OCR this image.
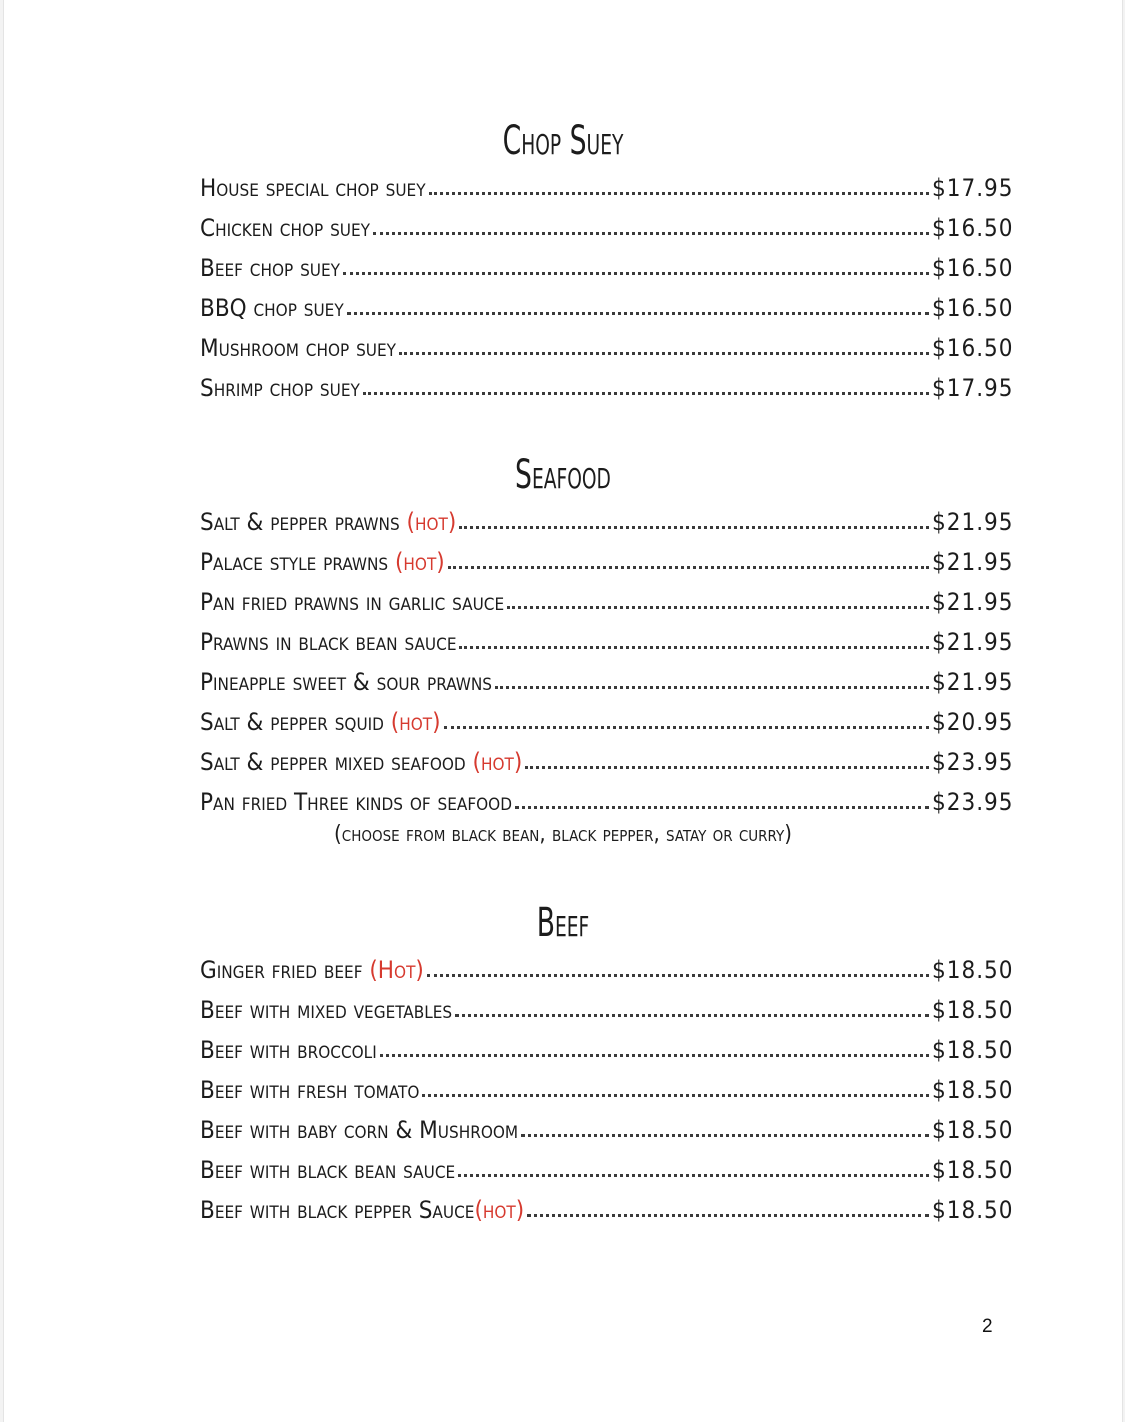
Chop Suey
House special chop suey	$17.95
Chicken chop suey	$16.50
Beef chop suey	$16.50
BBQ chop suey	$16.50
Mushroom chop suey	$16.50
Shrimp chop suey	$17.95
Seafood
Salt & pepper prawns (hot)	$21.95
Palace style prawns (hot)	$21.95
Pan fried prawns in garlic sauce	$21.95
Prawns in black bean sauce	$21.95
Pineapple sweet & sour prawns	$21.95
Salt & pepper squid (hot)	$20.95
Salt & pepper mixed seafood (hot)	$23.95
Pan fried Three kinds of seafood	$23.95
(choose from black bean, black pepper, satay or curry)
Beef
Ginger fried beef (Hot)	$18.50
Beef with mixed vegetables	$18.50
Beef with broccoli	$18.50
Beef with fresh tomato	$18.50
Beef with baby corn & Mushroom	$18.50
Beef with black bean sauce	$18.50
Beef with black pepper Sauce(hot)	$18.50
2
